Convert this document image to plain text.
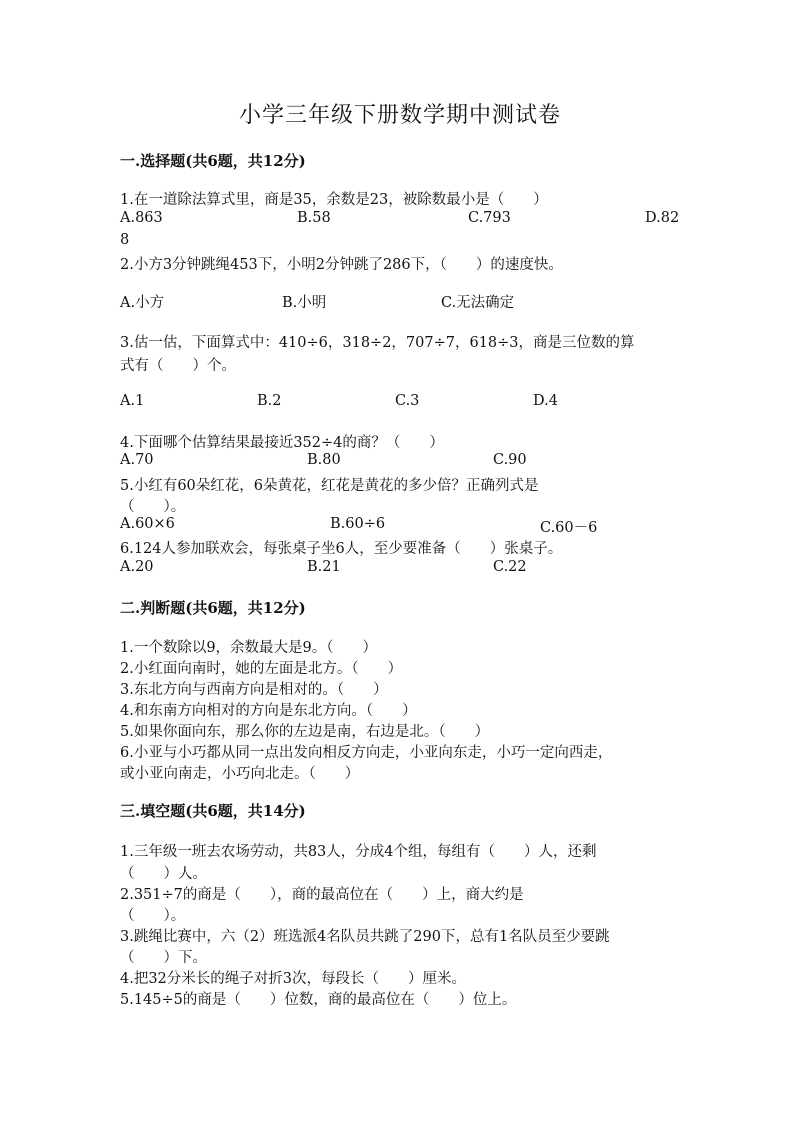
小学三年级下册数学期中测试卷
一.选择题(共6题，共12分)
1.在一道除法算式里，商是35，余数是23，被除数最小是（　　）
A.863	B.58	C.793	D.82
8
2.小方3分钟跳绳453下，小明2分钟跳了286下，（　　）的速度快。
A.小方	B.小明	C.无法确定
3.估一估，下面算式中：410÷6，318÷2，707÷7，618÷3，商是三位数的算
式有（　　）个。
A.1	B.2	C.3	D.4
4.下面哪个估算结果最接近352÷4的商？（　　）
A.70	B.80	C.90
5.小红有60朵红花，6朵黄花，红花是黄花的多少倍？正确列式是
（　　）。
A.60×6	B.60÷6	C.60－6
6.124人参加联欢会，每张桌子坐6人，至少要准备（　　）张桌子。
A.20	B.21	C.22
二.判断题(共6题，共12分)
1.一个数除以9，余数最大是9。（　　）
2.小红面向南时，她的左面是北方。（　　）
3.东北方向与西南方向是相对的。（　　）
4.和东南方向相对的方向是东北方向。（　　）
5.如果你面向东，那么你的左边是南，右边是北。（　　）
6.小亚与小巧都从同一点出发向相反方向走，小亚向东走，小巧一定向西走，
或小亚向南走，小巧向北走。（　　）
三.填空题(共6题，共14分)
1.三年级一班去农场劳动，共83人，分成4个组，每组有（　　）人，还剩
（　　）人。
2.351÷7的商是（　　），商的最高位在（　　）上，商大约是
（　　）。
3.跳绳比赛中，六（2）班选派4名队员共跳了290下，总有1名队员至少要跳
（　　）下。
4.把32分米长的绳子对折3次，每段长（　　）厘米。
5.145÷5的商是（　　）位数，商的最高位在（　　）位上。
